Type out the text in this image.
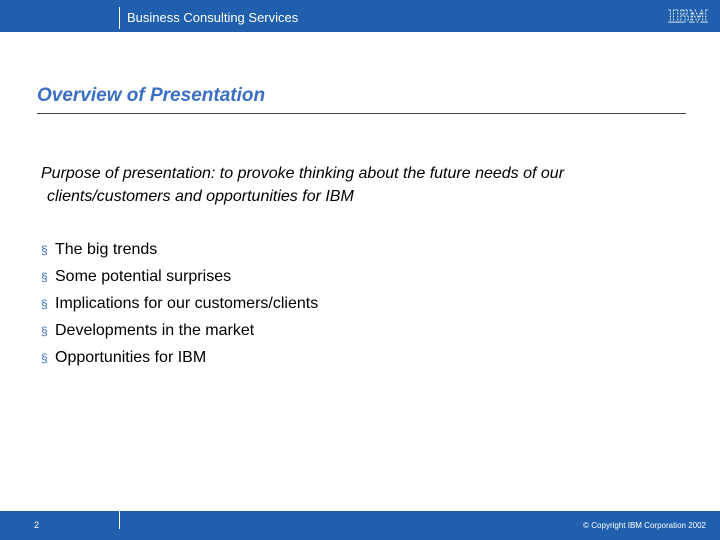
Business Consulting Services	IBM
Overview of Presentation
Purpose of presentation: to provoke thinking about the future needs of our
clients/customers and opportunities for IBM
§ The big trends
§ Some potential surprises
§ Implications for our customers/clients
§ Developments in the market
§ Opportunities for IBM
2	© Copyright IBM Corporation 2002
